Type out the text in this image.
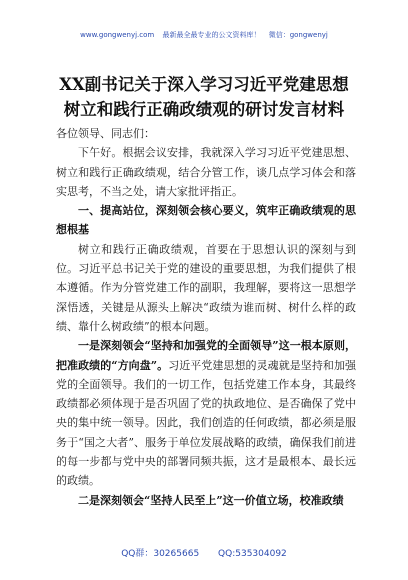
www.gongwenyj.com 最新最全最专业的公文资料库！ 微信：gongwenyj
XX副书记关于深入学习习近平党建思想
树立和践行正确政绩观的研讨发言材料

各位领导、同志们：

下午好。根据会议安排，我就深入学习习近平党建思想、树立和践行正确政绩观，结合分管工作，谈几点学习体会和落实思考，不当之处，请大家批评指正。

一、提高站位，深刻领会核心要义，筑牢正确政绩观的思想根基

树立和践行正确政绩观，首要在于思想认识的深刻与到位。习近平总书记关于党的建设的重要思想，为我们提供了根本遵循。作为分管党建工作的副职，我理解，要将这一思想学深悟透，关键是从源头上解决“政绩为谁而树、树什么样的政绩、靠什么树政绩”的根本问题。

一是深刻领会“坚持和加强党的全面领导”这一根本原则，把准政绩的“方向盘”。习近平党建思想的灵魂就是坚持和加强党的全面领导。我们的一切工作，包括党建工作本身，其最终政绩都必须体现于是否巩固了党的执政地位、是否确保了党中央的集中统一领导。因此，我们创造的任何政绩，都必须是服务于“国之大者”、服务于单位发展战略的政绩，确保我们前进的每一步都与党中央的部署同频共振，这才是最根本、最长远的政绩。

二是深刻领会“坚持人民至上”这一价值立场，校准政绩

QQ群：30265665 QQ:535304092
